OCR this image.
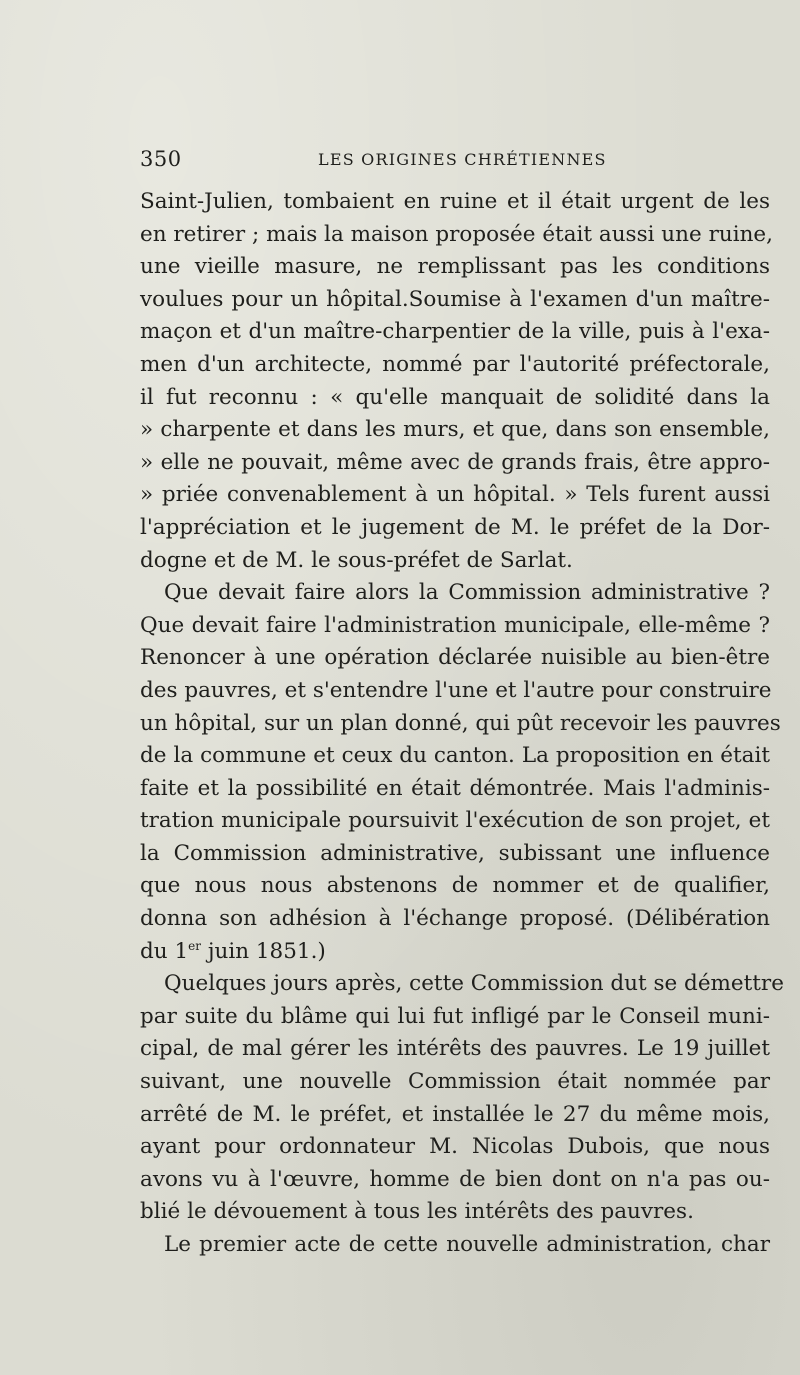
350	LES ORIGINES CHRÉTIENNES
Saint-Julien, tombaient en ruine et il était urgent de les
en retirer ; mais la maison proposée était aussi une ruine,
une vieille masure, ne remplissant pas les conditions
voulues pour un hôpital.Soumise à l'examen d'un maître-
maçon et d'un maître-charpentier de la ville, puis à l'exa-
men d'un architecte, nommé par l'autorité préfectorale,
il fut reconnu : « qu'elle manquait de solidité dans la
» charpente et dans les murs, et que, dans son ensemble,
» elle ne pouvait, même avec de grands frais, être appro-
» priée convenablement à un hôpital. » Tels furent aussi
l'appréciation et le jugement de M. le préfet de la Dor-
dogne et de M. le sous-préfet de Sarlat.
Que devait faire alors la Commission administrative ?
Que devait faire l'administration municipale, elle-même ?
Renoncer à une opération déclarée nuisible au bien-être
des pauvres, et s'entendre l'une et l'autre pour construire
un hôpital, sur un plan donné, qui pût recevoir les pauvres
de la commune et ceux du canton. La proposition en était
faite et la possibilité en était démontrée. Mais l'adminis-
tration municipale poursuivit l'exécution de son projet, et
la Commission administrative, subissant une influence
que nous nous abstenons de nommer et de qualifier,
donna son adhésion à l'échange proposé. (Délibération
du 1er juin 1851.)
Quelques jours après, cette Commission dut se démettre
par suite du blâme qui lui fut infligé par le Conseil muni-
cipal, de mal gérer les intérêts des pauvres. Le 19 juillet
suivant, une nouvelle Commission était nommée par
arrêté de M. le préfet, et installée le 27 du même mois,
ayant pour ordonnateur M. Nicolas Dubois, que nous
avons vu à l'œuvre, homme de bien dont on n'a pas ou-
blié le dévouement à tous les intérêts des pauvres.
Le premier acte de cette nouvelle administration, char
